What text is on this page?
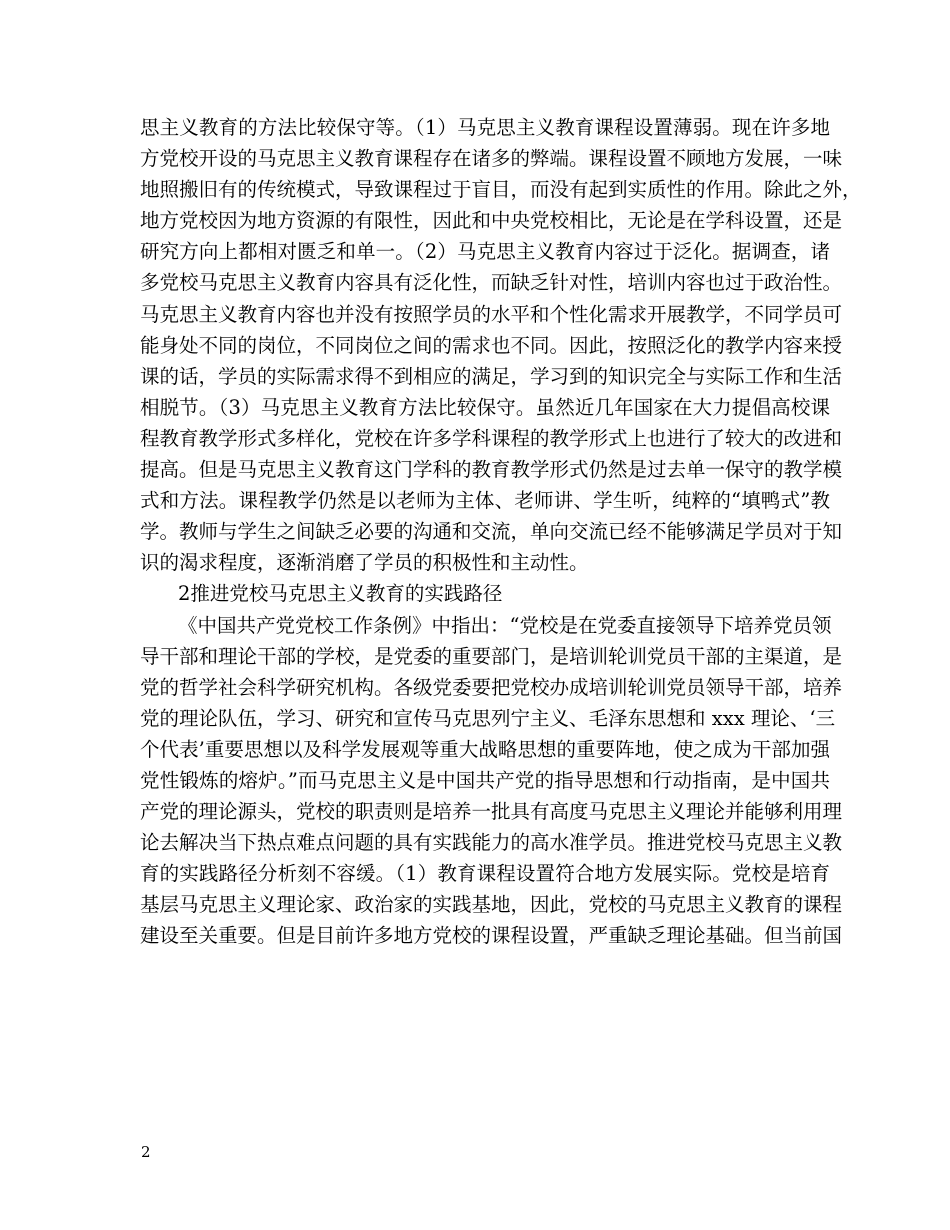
思主义教育的方法比较保守等。（1）马克思主义教育课程设置薄弱。现在许多地
方党校开设的马克思主义教育课程存在诸多的弊端。课程设置不顾地方发展，一味
地照搬旧有的传统模式，导致课程过于盲目，而没有起到实质性的作用。除此之外，
地方党校因为地方资源的有限性，因此和中央党校相比，无论是在学科设置，还是
研究方向上都相对匮乏和单一。（2）马克思主义教育内容过于泛化。据调查，诸
多党校马克思主义教育内容具有泛化性，而缺乏针对性，培训内容也过于政治性。
马克思主义教育内容也并没有按照学员的水平和个性化需求开展教学，不同学员可
能身处不同的岗位，不同岗位之间的需求也不同。因此，按照泛化的教学内容来授
课的话，学员的实际需求得不到相应的满足，学习到的知识完全与实际工作和生活
相脱节。（3）马克思主义教育方法比较保守。虽然近几年国家在大力提倡高校课
程教育教学形式多样化，党校在许多学科课程的教学形式上也进行了较大的改进和
提高。但是马克思主义教育这门学科的教育教学形式仍然是过去单一保守的教学模
式和方法。课程教学仍然是以老师为主体、老师讲、学生听，纯粹的“填鸭式”教
学。教师与学生之间缺乏必要的沟通和交流，单向交流已经不能够满足学员对于知
识的渴求程度，逐渐消磨了学员的积极性和主动性。
2推进党校马克思主义教育的实践路径
《中国共产党党校工作条例》中指出：“党校是在党委直接领导下培养党员领
导干部和理论干部的学校，是党委的重要部门，是培训轮训党员干部的主渠道，是
党的哲学社会科学研究机构。各级党委要把党校办成培训轮训党员领导干部，培养
党的理论队伍，学习、研究和宣传马克思列宁主义、毛泽东思想和 xxx 理论、‘三
个代表’重要思想以及科学发展观等重大战略思想的重要阵地，使之成为干部加强
党性锻炼的熔炉。”而马克思主义是中国共产党的指导思想和行动指南，是中国共
产党的理论源头，党校的职责则是培养一批具有高度马克思主义理论并能够利用理
论去解决当下热点难点问题的具有实践能力的高水准学员。推进党校马克思主义教
育的实践路径分析刻不容缓。（1）教育课程设置符合地方发展实际。党校是培育
基层马克思主义理论家、政治家的实践基地，因此，党校的马克思主义教育的课程
建设至关重要。但是目前许多地方党校的课程设置，严重缺乏理论基础。但当前国
2
